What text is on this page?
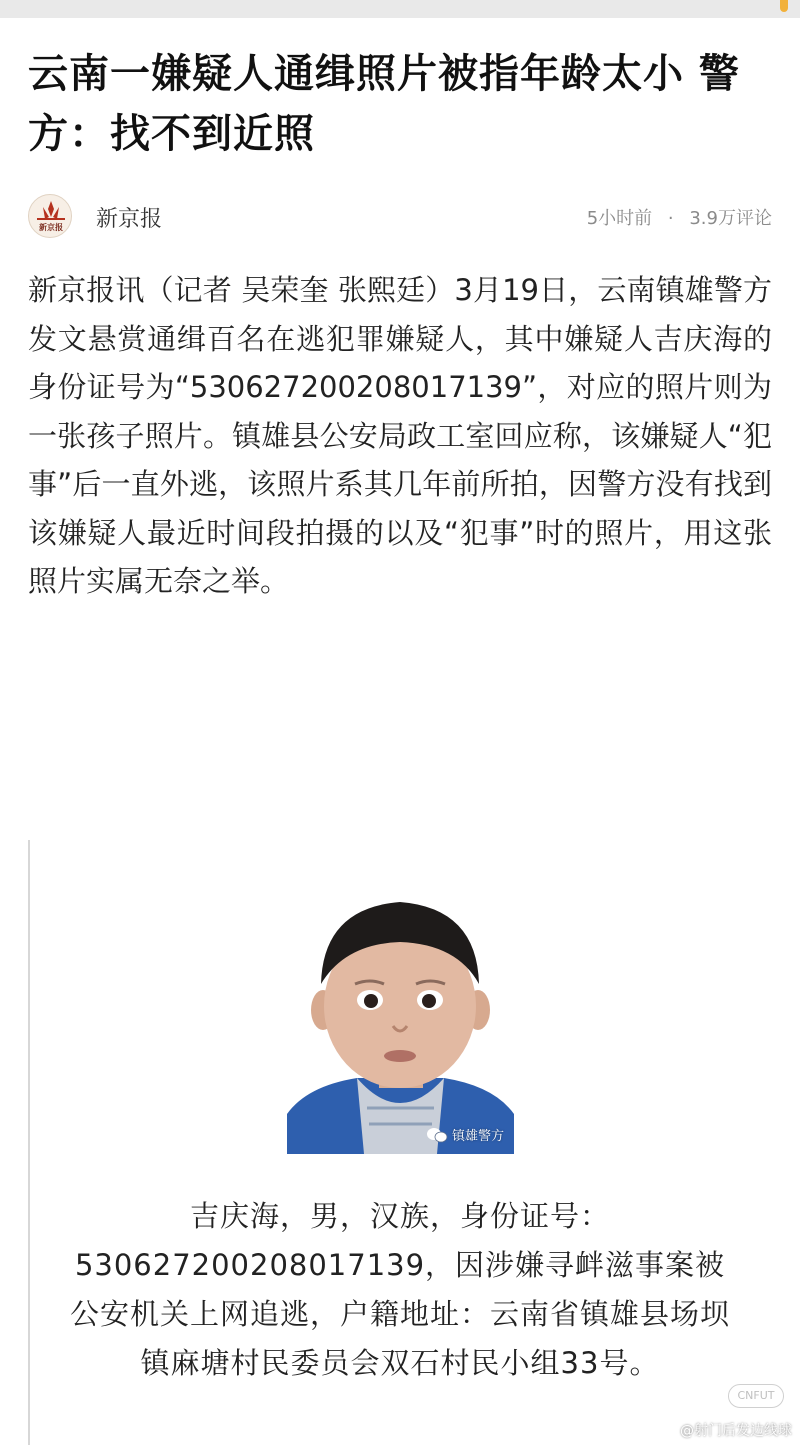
云南一嫌疑人通缉照片被指年龄太小 警方：找不到近照
新京报	新京报	5小时前 · 3.9万评论

新京报讯（记者 吴荣奎 张熙廷）3月19日，云南镇雄警方发文悬赏通缉百名在逃犯罪嫌疑人，其中嫌疑人吉庆海的身份证号为“530627200208017139”，对应的照片则为一张孩子照片。镇雄县公安局政工室回应称，该嫌疑人“犯事”后一直外逃，该照片系其几年前所拍，因警方没有找到该嫌疑人最近时间段拍摄的以及“犯事”时的照片，用这张照片实属无奈之举。

镇雄警方

吉庆海，男，汉族，身份证号：530627200208017139，因涉嫌寻衅滋事案被公安机关上网追逃，户籍地址：云南省镇雄县场坝镇麻塘村民委员会双石村民小组33号。

CNFUT
@射门后发边线球
